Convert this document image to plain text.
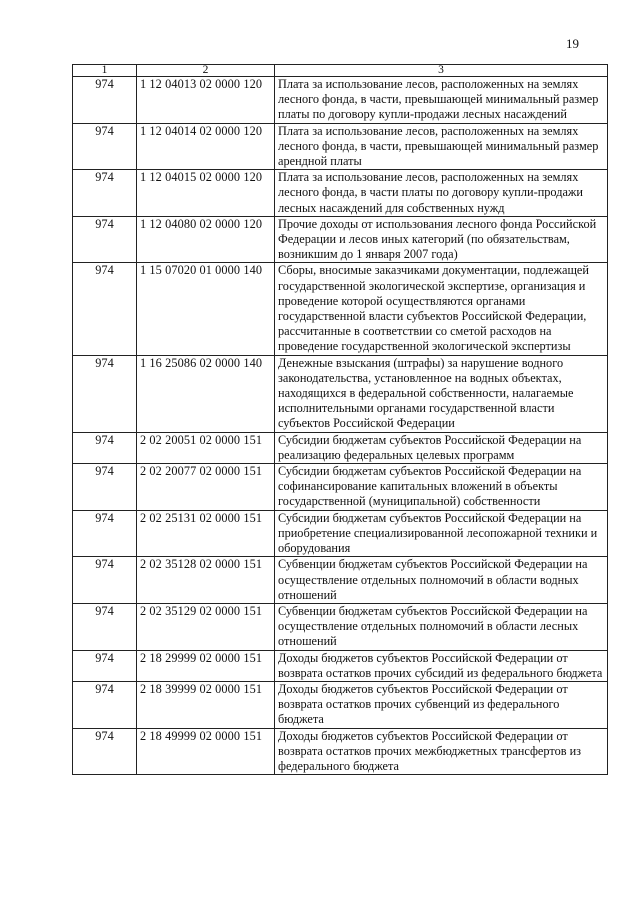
19
1	2	3
974	1 12 04013 02 0000 120	Плата за использование лесов, расположенных на землях лесного фонда, в части, превышающей минимальный размер платы по договору купли-продажи лесных насаждений
974	1 12 04014 02 0000 120	Плата за использование лесов, расположенных на землях лесного фонда, в части, превышающей минимальный размер арендной платы
974	1 12 04015 02 0000 120	Плата за использование лесов, расположенных на землях лесного фонда, в части платы по договору купли-продажи лесных насаждений для собственных нужд
974	1 12 04080 02 0000 120	Прочие доходы от использования лесного фонда Российской Федерации и лесов иных категорий (по обязательствам, возникшим до 1 января 2007 года)
974	1 15 07020 01 0000 140	Сборы, вносимые заказчиками документации, подлежащей государственной экологической экспертизе, организация и проведение которой осуществляются органами государственной власти субъектов Российской Федерации, рассчитанные в соответствии со сметой расходов на проведение государственной экологической экспертизы
974	1 16 25086 02 0000 140	Денежные взыскания (штрафы) за нарушение водного законодательства, установленное на водных объектах, находящихся в федеральной собственности, налагаемые исполнительными органами государственной власти субъектов Российской Федерации
974	2 02 20051 02 0000 151	Субсидии бюджетам субъектов Российской Федерации на реализацию федеральных целевых программ
974	2 02 20077 02 0000 151	Субсидии бюджетам субъектов Российской Федерации на софинансирование капитальных вложений в объекты государственной (муниципальной) собственности
974	2 02 25131 02 0000 151	Субсидии бюджетам субъектов Российской Федерации на приобретение специализированной лесопожарной техники и оборудования
974	2 02 35128 02 0000 151	Субвенции бюджетам субъектов Российской Федерации на осуществление отдельных полномочий в области водных отношений
974	2 02 35129 02 0000 151	Субвенции бюджетам субъектов Российской Федерации на осуществление отдельных полномочий в области лесных отношений
974	2 18 29999 02 0000 151	Доходы бюджетов субъектов Российской Федерации от возврата остатков прочих субсидий из федерального бюджета
974	2 18 39999 02 0000 151	Доходы бюджетов субъектов Российской Федерации от возврата остатков прочих субвенций из федерального бюджета
974	2 18 49999 02 0000 151	Доходы бюджетов субъектов Российской Федерации от возврата остатков прочих межбюджетных трансфертов из федерального бюджета
